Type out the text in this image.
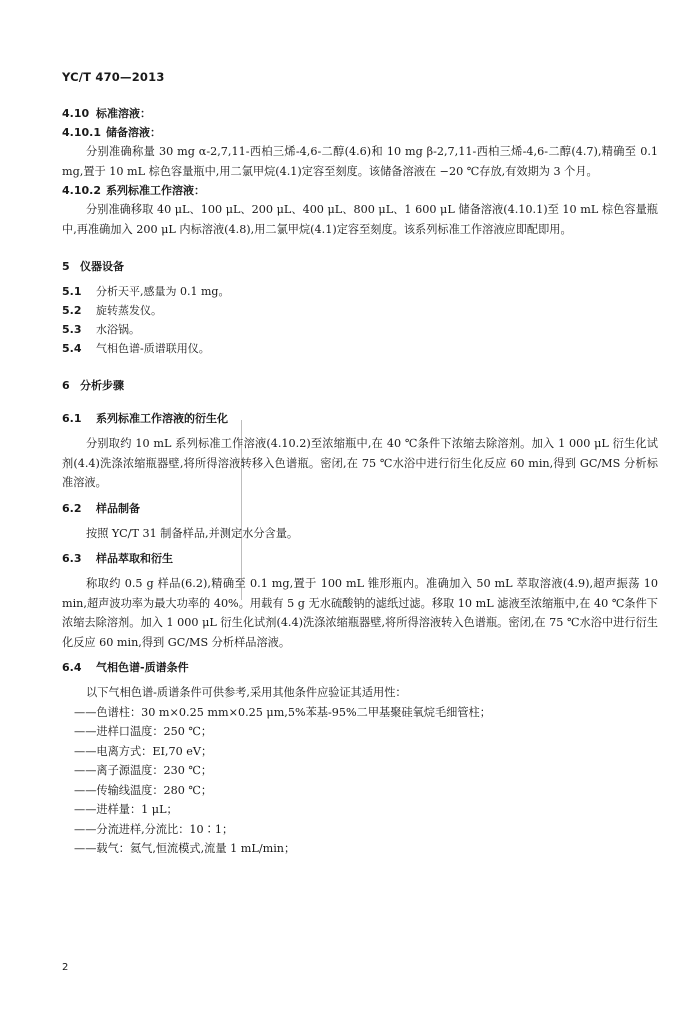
YC/T 470—2013
4.10 标准溶液：
4.10.1 储备溶液：

分别准确称量 30 mg α-2,7,11-西柏三烯-4,6-二醇(4.6)和 10 mg β-2,7,11-西柏三烯-4,6-二醇(4.7),精确至 0.1 mg,置于 10 mL 棕色容量瓶中,用二氯甲烷(4.1)定容至刻度。该储备溶液在 −20 ℃存放,有效期为 3 个月。

4.10.2 系列标准工作溶液：

分别准确移取 40 μL、100 μL、200 μL、400 μL、800 μL、1 600 μL 储备溶液(4.10.1)至 10 mL 棕色容量瓶中,再准确加入 200 μL 内标溶液(4.8),用二氯甲烷(4.1)定容至刻度。该系列标准工作溶液应即配即用。

5 仪器设备
5.1 分析天平,感量为 0.1 mg。
5.2 旋转蒸发仪。
5.3 水浴锅。
5.4 气相色谱-质谱联用仪。
6 分析步骤
6.1 系列标准工作溶液的衍生化

分别取约 10 mL 系列标准工作溶液(4.10.2)至浓缩瓶中,在 40 ℃条件下浓缩去除溶剂。加入 1 000 μL 衍生化试剂(4.4)洗涤浓缩瓶器壁,将所得溶液转移入色谱瓶。密闭,在 75 ℃水浴中进行衍生化反应 60 min,得到 GC/MS 分析标准溶液。

6.2 样品制备

按照 YC/T 31 制备样品,并测定水分含量。

6.3 样品萃取和衍生

称取约 0.5 g 样品(6.2),精确至 0.1 mg,置于 100 mL 锥形瓶内。准确加入 50 mL 萃取溶液(4.9),超声振荡 10 min,超声波功率为最大功率的 40%。用载有 5 g 无水硫酸钠的滤纸过滤。移取 10 mL 滤液至浓缩瓶中,在 40 ℃条件下浓缩去除溶剂。加入 1 000 μL 衍生化试剂(4.4)洗涤浓缩瓶器壁,将所得溶液转入色谱瓶。密闭,在 75 ℃水浴中进行衍生化反应 60 min,得到 GC/MS 分析样品溶液。

6.4 气相色谱-质谱条件

以下气相色谱-质谱条件可供参考,采用其他条件应验证其适用性：

——色谱柱：30 m×0.25 mm×0.25 μm,5%苯基-95%二甲基聚硅氧烷毛细管柱；
——进样口温度：250 ℃；
——电离方式：EI,70 eV；
——离子源温度：230 ℃；
——传输线温度：280 ℃；
——进样量：1 μL；
——分流进样,分流比：10∶1；
——载气：氦气,恒流模式,流量 1 mL/min；
2
